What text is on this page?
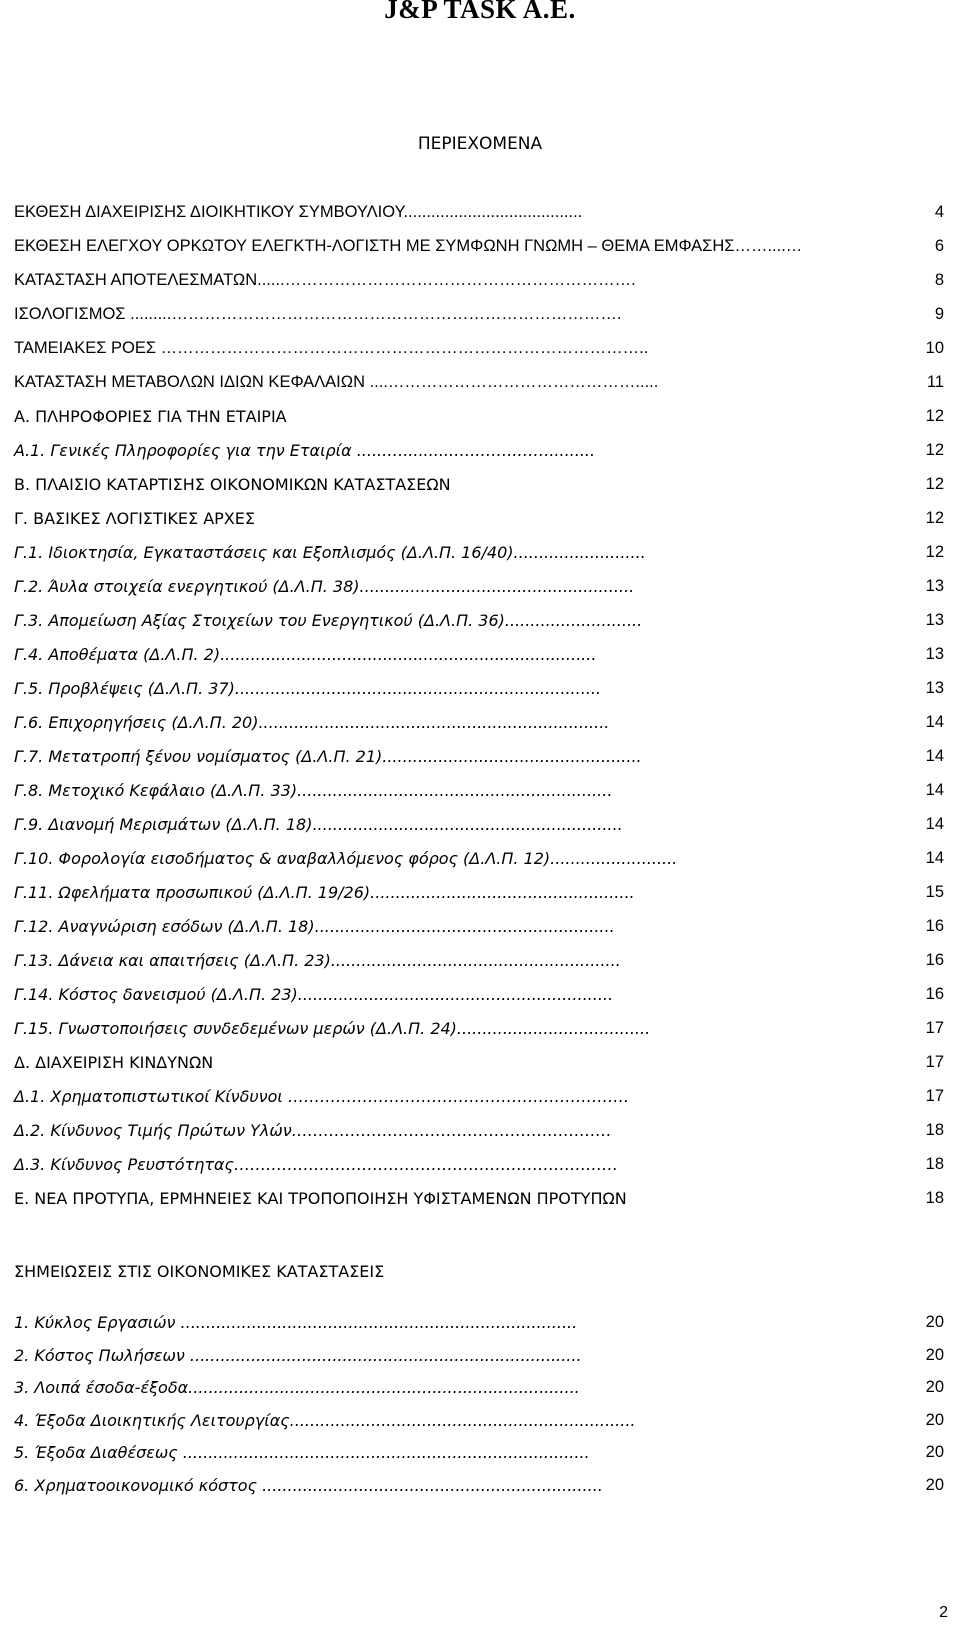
J&P TASK A.E.
ΠΕΡΙΕΧΟΜΕΝΑ
ΕΚΘΕΣΗ ΔΙΑΧΕΙΡΙΣΗΣ ΔΙΟΙΚΗΤΙΚΟΥ ΣΥΜΒΟΥΛΙΟΥ.......................................	4
ΕΚΘΕΣΗ ΕΛΕΓΧΟΥ ΟΡΚΩΤΟΥ ΕΛΕΓΚΤΗ-ΛΟΓΙΣΤΗ ΜΕ ΣΥΜΦΩΝΗ ΓΝΩΜΗ – ΘΕΜΑ ΕΜΦΑΣΗΣ……....…	6
ΚΑΤΑΣΤΑΣΗ ΑΠΟΤΕΛΕΣΜΑΤΩΝ......……………………………………………………….	8
ΙΣΟΛΟΓΙΣΜΟΣ .........……………………………………………………………………….	9
ΤΑΜΕΙΑΚΕΣ ΡΟΕΣ ……………………………………………………………………………..	10
ΚΑΤΑΣΤΑΣΗ ΜΕΤΑΒΟΛΩΝ ΙΔΙΩΝ ΚΕΦΑΛΑΙΩΝ ....……………………………………….....	11
Α. ΠΛΗΡΟΦΟΡΙΕΣ ΓΙΑ ΤΗΝ ΕΤΑΙΡΙΑ	12
Α.1. Γενικές Πληροφορίες για την Εταιρία ......…..........….……..…….........	12
Β. ΠΛΑΙΣΙΟ ΚΑΤΑΡΤΙΣΗΣ ΟΙΚΟΝΟΜΙΚΩΝ ΚΑΤΑΣΤΑΣΕΩΝ	12
Γ. ΒΑΣΙΚΕΣ ΛΟΓΙΣΤΙΚΕΣ ΑΡΧΕΣ	12
Γ.1. Ιδιοκτησία, Εγκαταστάσεις και Εξοπλισμός (Δ.Λ.Π. 16/40)..........................	12
Γ.2. Άυλα στοιχεία ενεργητικού (Δ.Λ.Π. 38)......................................................	13
Γ.3. Απομείωση Αξίας Στοιχείων του Ενεργητικού (Δ.Λ.Π. 36)...........................	13
Γ.4. Αποθέματα (Δ.Λ.Π. 2)..........................................................................	13
Γ.5. Προβλέψεις (Δ.Λ.Π. 37)........................................................................	13
Γ.6. Επιχορηγήσεις (Δ.Λ.Π. 20).....................................................................	14
Γ.7. Μετατροπή ξένου νομίσματος (Δ.Λ.Π. 21)...................................................	14
Γ.8. Μετοχικό Κεφάλαιο (Δ.Λ.Π. 33)..............................................................	14
Γ.9. Διανομή Μερισμάτων (Δ.Λ.Π. 18).............................................................	14
Γ.10. Φορολογία εισοδήματος & αναβαλλόμενος φόρος (Δ.Λ.Π. 12).........................	14
Γ.11. Ωφελήματα προσωπικού (Δ.Λ.Π. 19/26)....................................................	15
Γ.12. Αναγνώριση εσόδων (Δ.Λ.Π. 18)...........................................................	16
Γ.13. Δάνεια και απαιτήσεις (Δ.Λ.Π. 23).........................................................	16
Γ.14. Κόστος δανεισμού (Δ.Λ.Π. 23)..............................................................	16
Γ.15. Γνωστοποιήσεις συνδεδεμένων μερών (Δ.Λ.Π. 24)......................................	17
Δ. ΔΙΑΧΕΙΡΙΣΗ ΚΙΝΔΥΝΩΝ	17
Δ.1. Χρηματοπιστωτικοί Κίνδυνοι ……………………………………………………….	17
Δ.2. Κίνδυνος Τιμής Πρώτων Υλών……………………………………………………	18
Δ.3. Κίνδυνος Ρευστότητας………………………………………………………………	18
Ε. ΝΕΑ ΠΡΟΤΥΠΑ, ΕΡΜΗΝΕΙΕΣ ΚΑΙ ΤΡΟΠΟΠΟΙΗΣΗ ΥΦΙΣΤΑΜΕΝΩΝ ΠΡΟΤΥΠΩΝ	18
ΣΗΜΕΙΩΣΕΙΣ ΣΤΙΣ ΟΙΚΟΝΟΜΙΚΕΣ ΚΑΤΑΣΤΑΣΕΙΣ
1. Κύκλος Εργασιών ..............................................................................	20
2. Κόστος Πωλήσεων .............................................................................	20
3. Λοιπά έσοδα-έξοδα.............................................................................	20
4. Έξοδα Διοικητικής Λειτουργίας....................................................................	20
5. Έξοδα Διαθέσεως ................................................................................	20
6. Χρηματοοικονομικό κόστος ...................................................................	20
2
